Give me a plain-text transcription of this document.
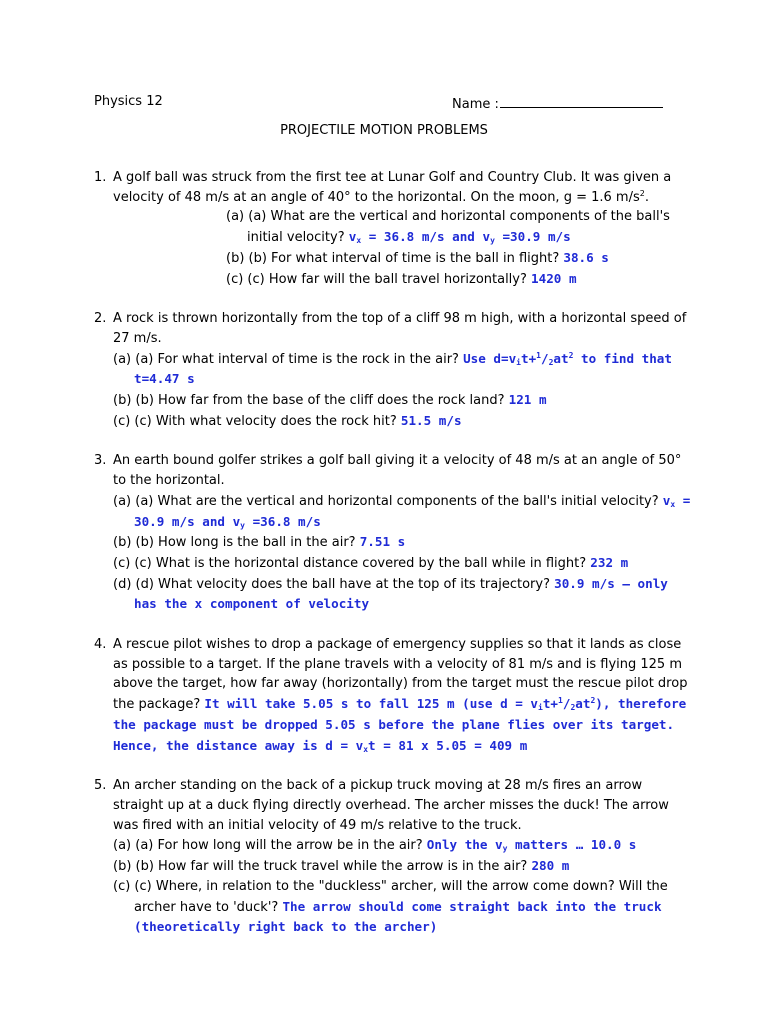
Physics 12	Name :
PROJECTILE MOTION PROBLEMS
1. A golf ball was struck from the first tee at Lunar Golf and Country Club. It was given a velocity of 48 m/s at an angle of 40° to the horizontal. On the moon, g = 1.6 $m/s^2$.
(a) (a) What are the vertical and horizontal components of the ball's initial velocity? $v_x = 36.8$ m/s and $v_y =30.9$ m/s
(b) (b) For what interval of time is the ball in flight? 38.6 s
(c) (c) How far will the ball travel horizontally? 1420 m
2. A rock is thrown horizontally from the top of a cliff 98 m high, with a horizontal speed of 27 m/s.
(a) (a) For what interval of time is the rock in the air? Use $d=v_it+^1/_2at^2$ to find that t=4.47 s
(b) (b) How far from the base of the cliff does the rock land? 121 m
(c) (c) With what velocity does the rock hit? 51.5 m/s
3. An earth bound golfer strikes a golf ball giving it a velocity of 48 m/s at an angle of 50° to the horizontal.
(a) (a) What are the vertical and horizontal components of the ball's initial velocity? $v_x = 30.9$ m/s and $v_y =36.8$ m/s
(b) (b) How long is the ball in the air? 7.51 s
(c) (c) What is the horizontal distance covered by the ball while in flight? 232 m
(d) (d) What velocity does the ball have at the top of its trajectory? 30.9 m/s – only has the x component of velocity
4. A rescue pilot wishes to drop a package of emergency supplies so that it lands as close as possible to a target. If the plane travels with a velocity of 81 m/s and is flying 125 m above the target, how far away (horizontally) from the target must the rescue pilot drop the package? It will take 5.05 s to fall 125 m (use $d = v_it+^1/_2at^2$), therefore the package must be dropped 5.05 s before the plane flies over its target. Hence, the distance away is $d = v_xt = 81$ x 5.05 = 409 m
5. An archer standing on the back of a pickup truck moving at 28 m/s fires an arrow straight up at a duck flying directly overhead. The archer misses the duck! The arrow was fired with an initial velocity of 49 m/s relative to the truck.
(a) (a) For how long will the arrow be in the air? Only the $v_y$ matters … 10.0 s
(b) (b) How far will the truck travel while the arrow is in the air? 280 m
(c) (c) Where, in relation to the "duckless" archer, will the arrow come down? Will the archer have to 'duck'? The arrow should come straight back into the truck (theoretically right back to the archer)
